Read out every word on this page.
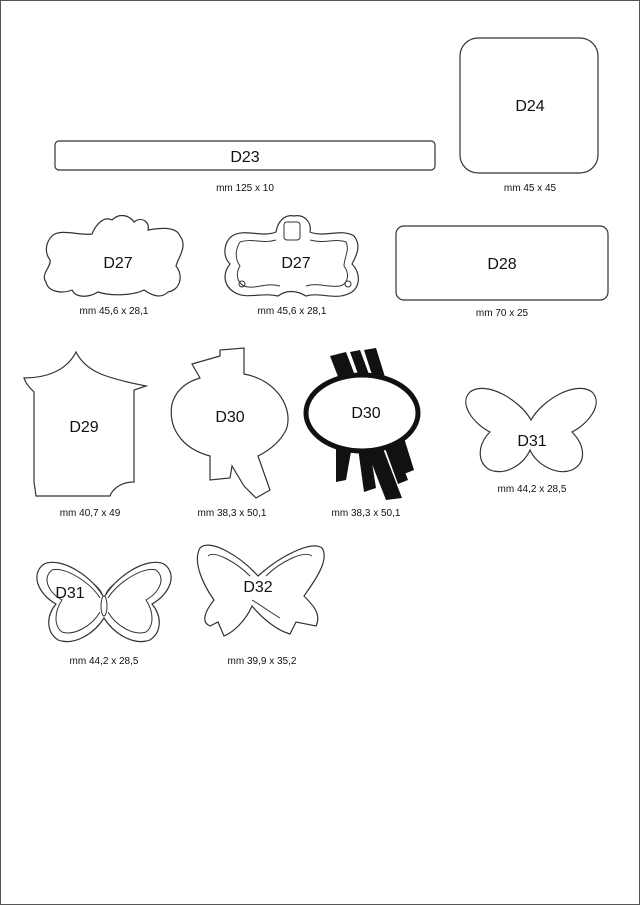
D23
mm 125 x 10
D24
mm 45 x 45
D27
mm 45,6 x 28,1
D27
mm 45,6 x 28,1
D28
mm 70 x 25
D29
mm 40,7 x 49
D30
mm 38,3 x 50,1
D30
mm 38,3 x 50,1
D31
mm 44,2 x 28,5
D31
mm 44,2 x 28,5
D32
mm 39,9 x 35,2
